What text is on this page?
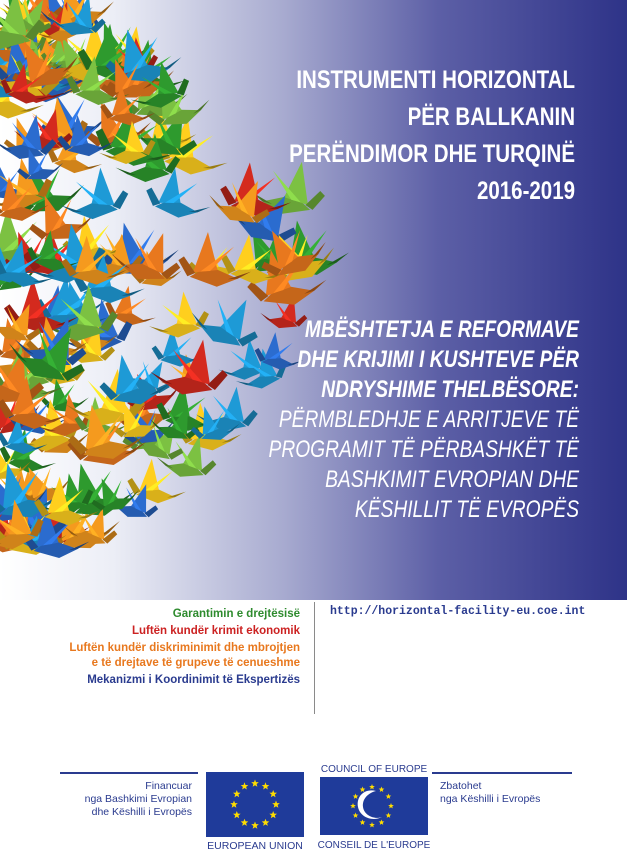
INSTRUMENTI HORIZONTAL
PËR BALLKANIN
PERËNDIMOR DHE TURQINË
2016-2019
MBËSHTETJA E REFORMAVE
DHE KRIJIMI I KUSHTEVE PËR
NDRYSHIME THELBËSORE:
PËRMBLEDHJE E ARRITJEVE TË
PROGRAMIT TË PËRBASHKËT TË
BASHKIMIT EVROPIAN DHE
KËSHILLIT TË EVROPËS
Garantimin e drejtësisë
Luftën kundër krimit ekonomik
Luftën kundër diskriminimit dhe mbrojtjen
e të drejtave të grupeve të cenueshme
Mekanizmi i Koordinimit të Ekspertizës
http://horizontal-facility-eu.coe.int
Financuar
nga Bashkimi Evropian
dhe Këshilli i Evropës
EUROPEAN UNION
COUNCIL OF EUROPE
CONSEIL DE L'EUROPE
Zbatohet
nga Këshilli i Evropës
